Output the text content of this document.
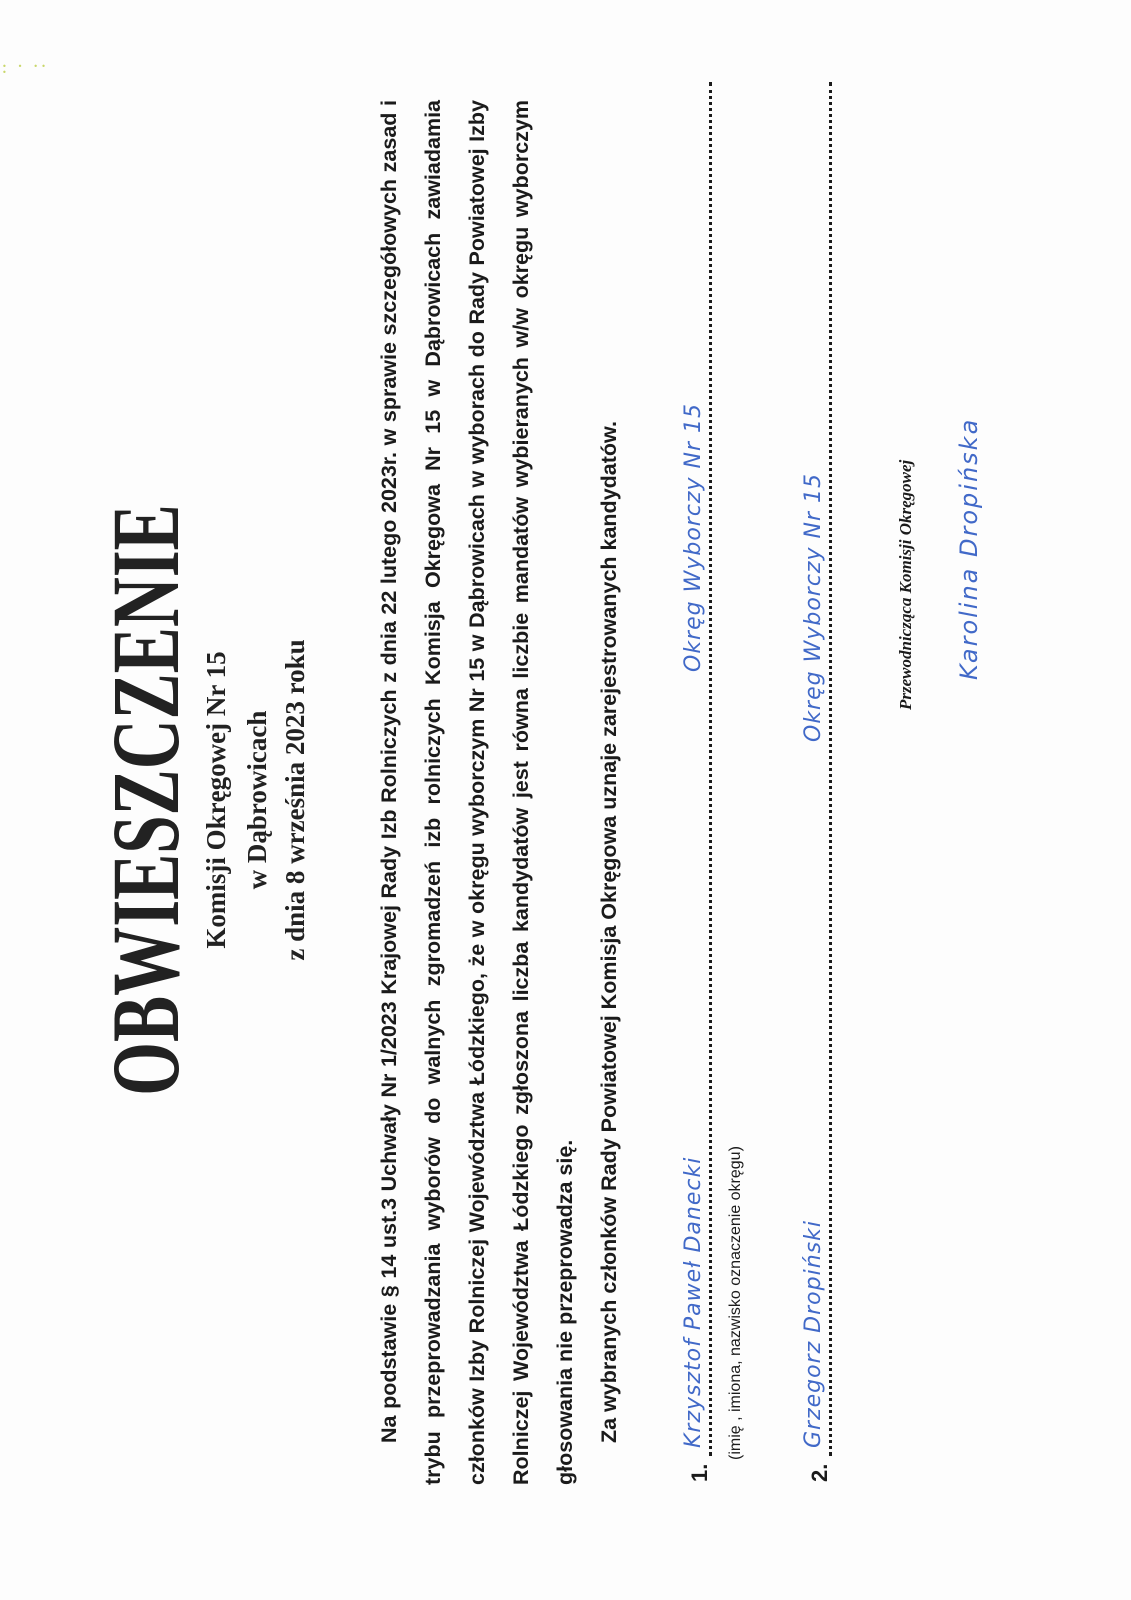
• • •• •
OBWIESZCZENIE Komisji Okręgowej Nr 15 w Dąbrowicach z dnia 8 września 2023 roku	Na podstawie § 14 ust.3 Uchwały Nr 1/2023 Krajowej Rady Izb Rolniczych z dnia 22 lutego 2023r. w sprawie szczegółowych zasad i trybu przeprowadzania wyborów do walnych zgromadzeń izb rolniczych Komisja Okręgowa Nr 15 w Dąbrowicach zawiadamia członków Izby Rolniczej Województwa Łódzkiego, że w okręgu wyborczym Nr 15 w Dąbrowicach w wyborach do Rady Powiatowej Izby Rolniczej Województwa Łódzkiego zgłoszona liczba kandydatów jest równa liczbie mandatów wybieranych w/w okręgu wyborczym głosowania nie przeprowadza się. Za wybranych członków Rady Powiatowej Komisja Okręgowa uznaje zarejestrowanych kandydatów.

1.
Krzysztof Paweł Danecki
Okręg Wyborczy Nr 15
(imię , imiona, nazwisko oznaczenie okręgu)
2.
Grzegorz Dropiński
Okręg Wyborczy Nr 15	Przewodnicząca Komisji Okręgowej Karolina Dropińska
